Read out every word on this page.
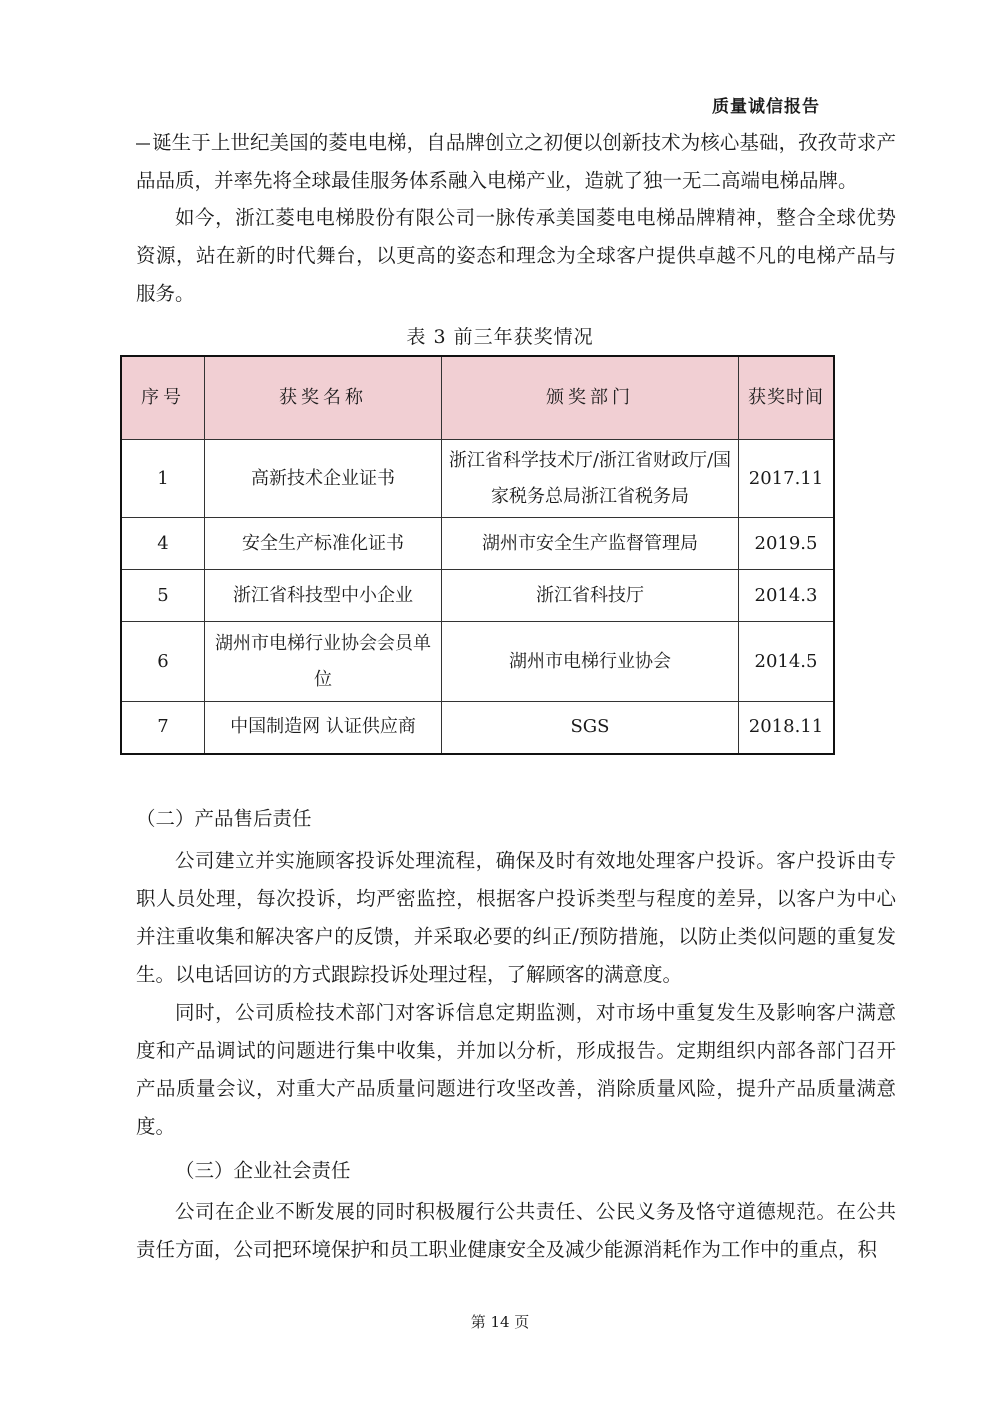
质量诚信报告

诞生于上世纪美国的菱电电梯，自品牌创立之初便以创新技术为核心基础，孜孜苛求产品品质，并率先将全球最佳服务体系融入电梯产业，造就了独一无二高端电梯品牌。

如今，浙江菱电电梯股份有限公司一脉传承美国菱电电梯品牌精神，整合全球优势资源，站在新的时代舞台，以更高的姿态和理念为全球客户提供卓越不凡的电梯产品与服务。

表 3 前三年获奖情况
序号	获奖名称	颁奖部门	获奖时间
1	高新技术企业证书	浙江省科学技术厅/浙江省财政厅/国家税务总局浙江省税务局	2017.11
4	安全生产标准化证书	湖州市安全生产监督管理局	2019.5
5	浙江省科技型中小企业	浙江省科技厅	2014.3
6	湖州市电梯行业协会会员单位	湖州市电梯行业协会	2014.5
7	中国制造网 认证供应商	SGS	2018.11
（二）产品售后责任

公司建立并实施顾客投诉处理流程，确保及时有效地处理客户投诉。客户投诉由专职人员处理，每次投诉，均严密监控，根据客户投诉类型与程度的差异，以客户为中心并注重收集和解决客户的反馈，并采取必要的纠正/预防措施，以防止类似问题的重复发生。以电话回访的方式跟踪投诉处理过程，了解顾客的满意度。

同时，公司质检技术部门对客诉信息定期监测，对市场中重复发生及影响客户满意度和产品调试的问题进行集中收集，并加以分析，形成报告。定期组织内部各部门召开产品质量会议，对重大产品质量问题进行攻坚改善，消除质量风险，提升产品质量满意度。

（三）企业社会责任

公司在企业不断发展的同时积极履行公共责任、公民义务及恪守道德规范。在公共责任方面，公司把环境保护和员工职业健康安全及减少能源消耗作为工作中的重点，积

第 14 页
